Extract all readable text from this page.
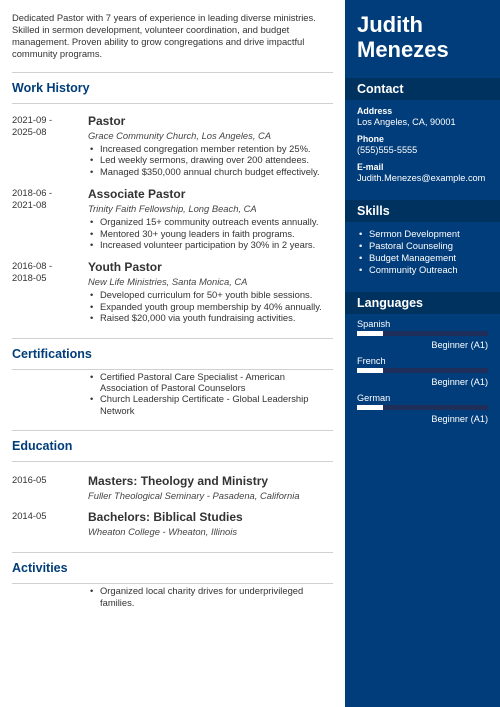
Dedicated Pastor with 7 years of experience in leading diverse ministries. Skilled in sermon development, volunteer coordination, and budget management. Proven ability to grow congregations and drive impactful community programs.

Work History
2021-09 -
2025-08
Pastor
Grace Community Church, Los Angeles, CA
• Increased congregation member retention by 25%.
• Led weekly sermons, drawing over 200 attendees.
• Managed $350,000 annual church budget effectively.
2018-06 -
2021-08
Associate Pastor
Trinity Faith Fellowship, Long Beach, CA
• Organized 15+ community outreach events annually.
• Mentored 30+ young leaders in faith programs.
• Increased volunteer participation by 30% in 2 years.
2016-08 -
2018-05
Youth Pastor
New Life Ministries, Santa Monica, CA
• Developed curriculum for 50+ youth bible sessions.
• Expanded youth group membership by 40% annually.
• Raised $20,000 via youth fundraising activities.
Certifications
• Certified Pastoral Care Specialist - American Association of Pastoral Counselors
• Church Leadership Certificate - Global Leadership Network
Education
2016-05	Masters: Theology and Ministry
Fuller Theological Seminary - Pasadena, California
2014-05	Bachelors: Biblical Studies
Wheaton College - Wheaton, Illinois
Activities
• Organized local charity drives for underprivileged families.
Judith
Menezes
Contact
Address
Los Angeles, CA, 90001
Phone
(555)555-5555
E-mail
Judith.Menezes@example.com
Skills
• Sermon Development
• Pastoral Counseling
• Budget Management
• Community Outreach
Languages
Spanish
Beginner (A1)
French
Beginner (A1)
German
Beginner (A1)
